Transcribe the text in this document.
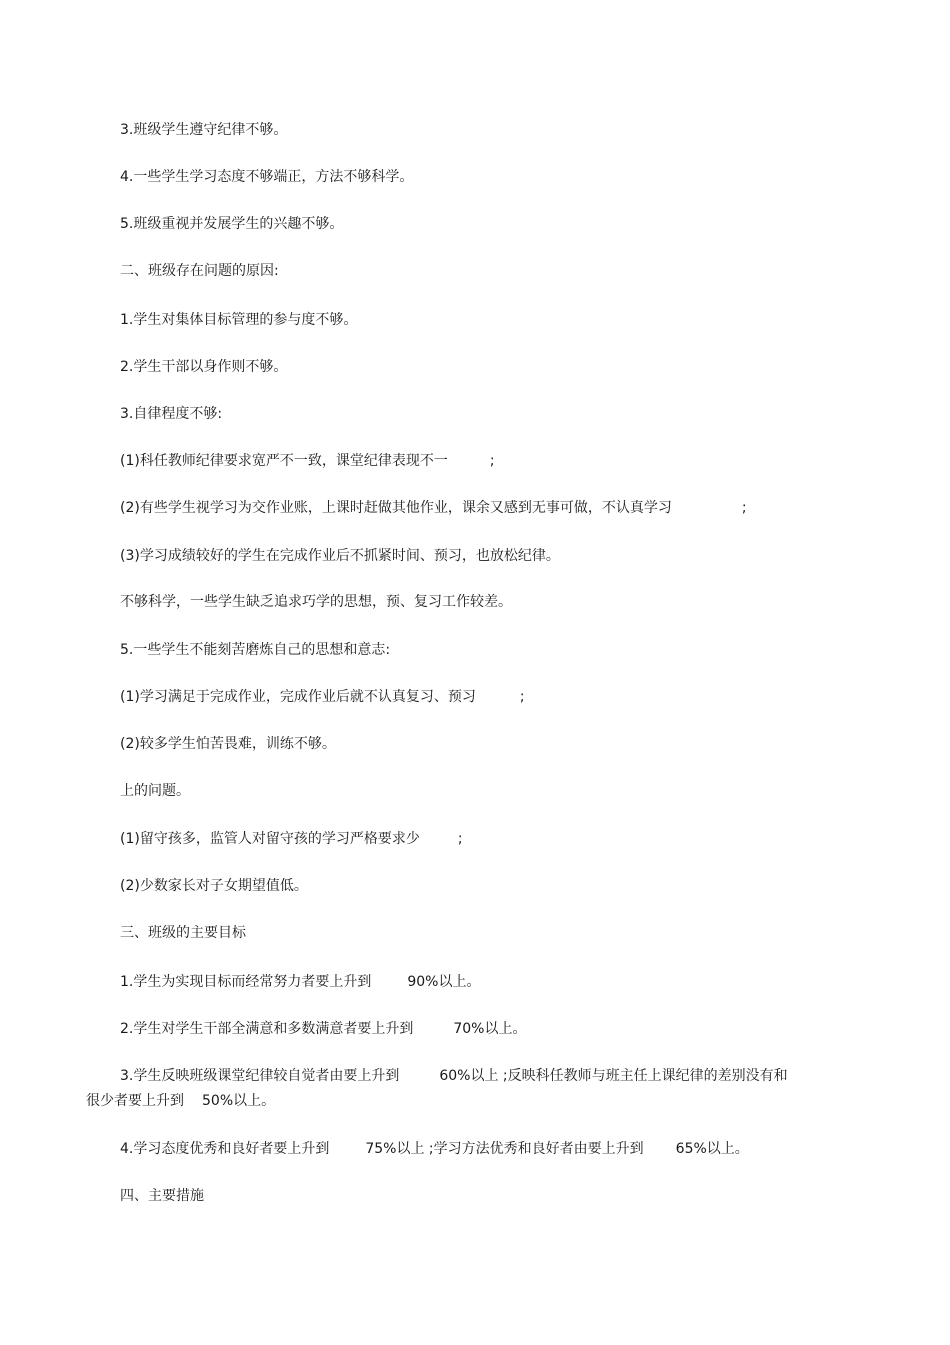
3.班级学生遵守纪律不够。
4.一些学生学习态度不够端正，方法不够科学。
5.班级重视并发展学生的兴趣不够。
二、班级存在问题的原因:
1.学生对集体目标管理的参与度不够。
2.学生干部以身作则不够。
3.自律程度不够:
(1)科任教师纪律要求宽严不一致，课堂纪律表现不一	;
(2)有些学生视学习为交作业账，上课时赶做其他作业，课余又感到无事可做，不认真学习	;
(3)学习成绩较好的学生在完成作业后不抓紧时间、预习，也放松纪律。
不够科学，一些学生缺乏追求巧学的思想，预、复习工作较差。
5.一些学生不能刻苦磨炼自己的思想和意志:
(1)学习满足于完成作业，完成作业后就不认真复习、预习	;
(2)较多学生怕苦畏难，训练不够。
上的问题。
(1)留守孩多，监管人对留守孩的学习严格要求少	;
(2)少数家长对子女期望值低。
三、班级的主要目标
1.学生为实现目标而经常努力者要上升到	90%以上。
2.学生对学生干部全满意和多数满意者要上升到	70%以上。
3.学生反映班级课堂纪律较自觉者由要上升到	60%以上 ;反映科任教师与班主任上课纪律的差别没有和
很少者要上升到 50%以上。
4.学习态度优秀和良好者要上升到	75%以上 ;学习方法优秀和良好者由要上升到 65%以上。
四、主要措施
